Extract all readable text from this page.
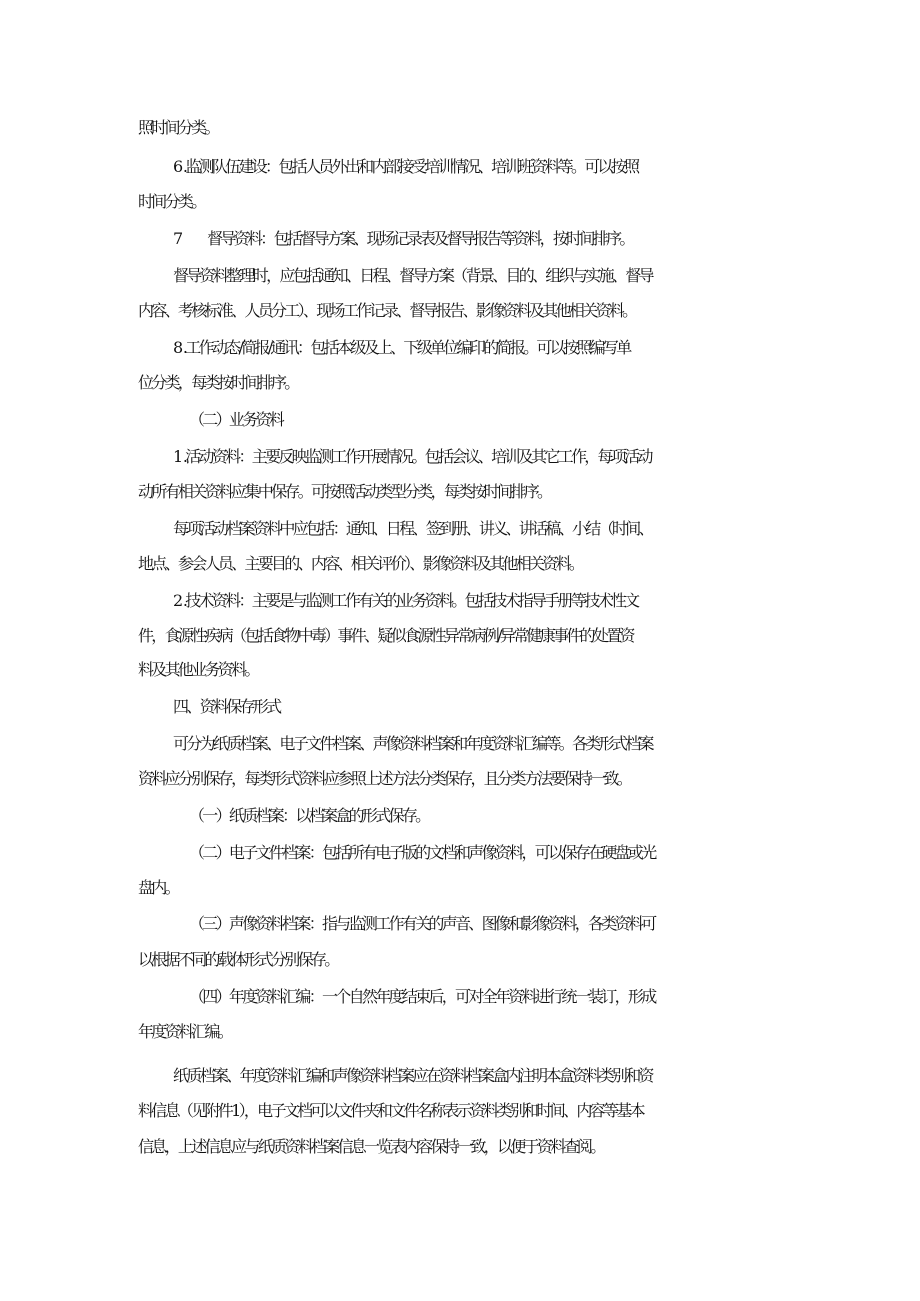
照时间分类。
6 .监测队伍建设：包括人员外出和内部接受培训情况、培训班资料等。可以按照
时间分类。
7　　督导资料：包括督导方案、现场记录表及督导报告等资料，按时间排序。
督导资料整理时，应包括通知、日程、督导方案（背景、目的、组织与实施、督导
内容、考核标准、人员分工）、现场工作记录、督导报告、影像资料及其他相关资料。
8 .工作动态/简报/通讯：包括本级及上、下级单位编印的简报。可以按照编写单
位分类，每类按时间排序。
（二）业务资料
1 .活动资料：主要反映监测工作开展情况。包括会议、培训及其它工作，每项活动
动所有相关资料应集中保存。可按照活动类型分类，每类按时间排序。
每项活动档案资料中应包括：通知、日程、签到册、讲义、讲话稿、小结（时间、
地点、参会人员、主要目的、内容、相关评价）、影像资料及其他相关资料。
2 .技术资料：主要是与监测工作有关的业务资料。包括技术指导手册等技术性文
件，食源性疾病（包括食物中毒）事件、疑似食源性异常病例/异常健康事件的处置资
料及其他业务资料。
四、资料保存形式
可分为纸质档案、电子文件档案、声像资料档案和年度资料汇编等。各类形式档案
资料应分别保存，每类形式资料应参照上述方法分类保存，且分类方法要保持一致。
（一）纸质档案：以档案盒的形式保存。
（二）电子文件档案：包括所有电子版的文档和声像资料，可以保存在硬盘或光
盘内。
（三）声像资料档案：指与监测工作有关的声音、图像和影像资料，各类资料可
以根据不同的载体形式分别保存。
（四）年度资料汇编：一个自然年度结束后，可对全年资料进行统一装订，形成
年度资料汇编。
纸质档案、年度资料汇编和声像资料档案应在资料档案盒内注明本盒资料类别和资
料信息（见附件1），电子文档可以文件夹和文件名称表示资料类别和时间、内容等基本
信息，上述信息应与纸质资料档案信息一览表内容保持一致，以便于资料查阅。
